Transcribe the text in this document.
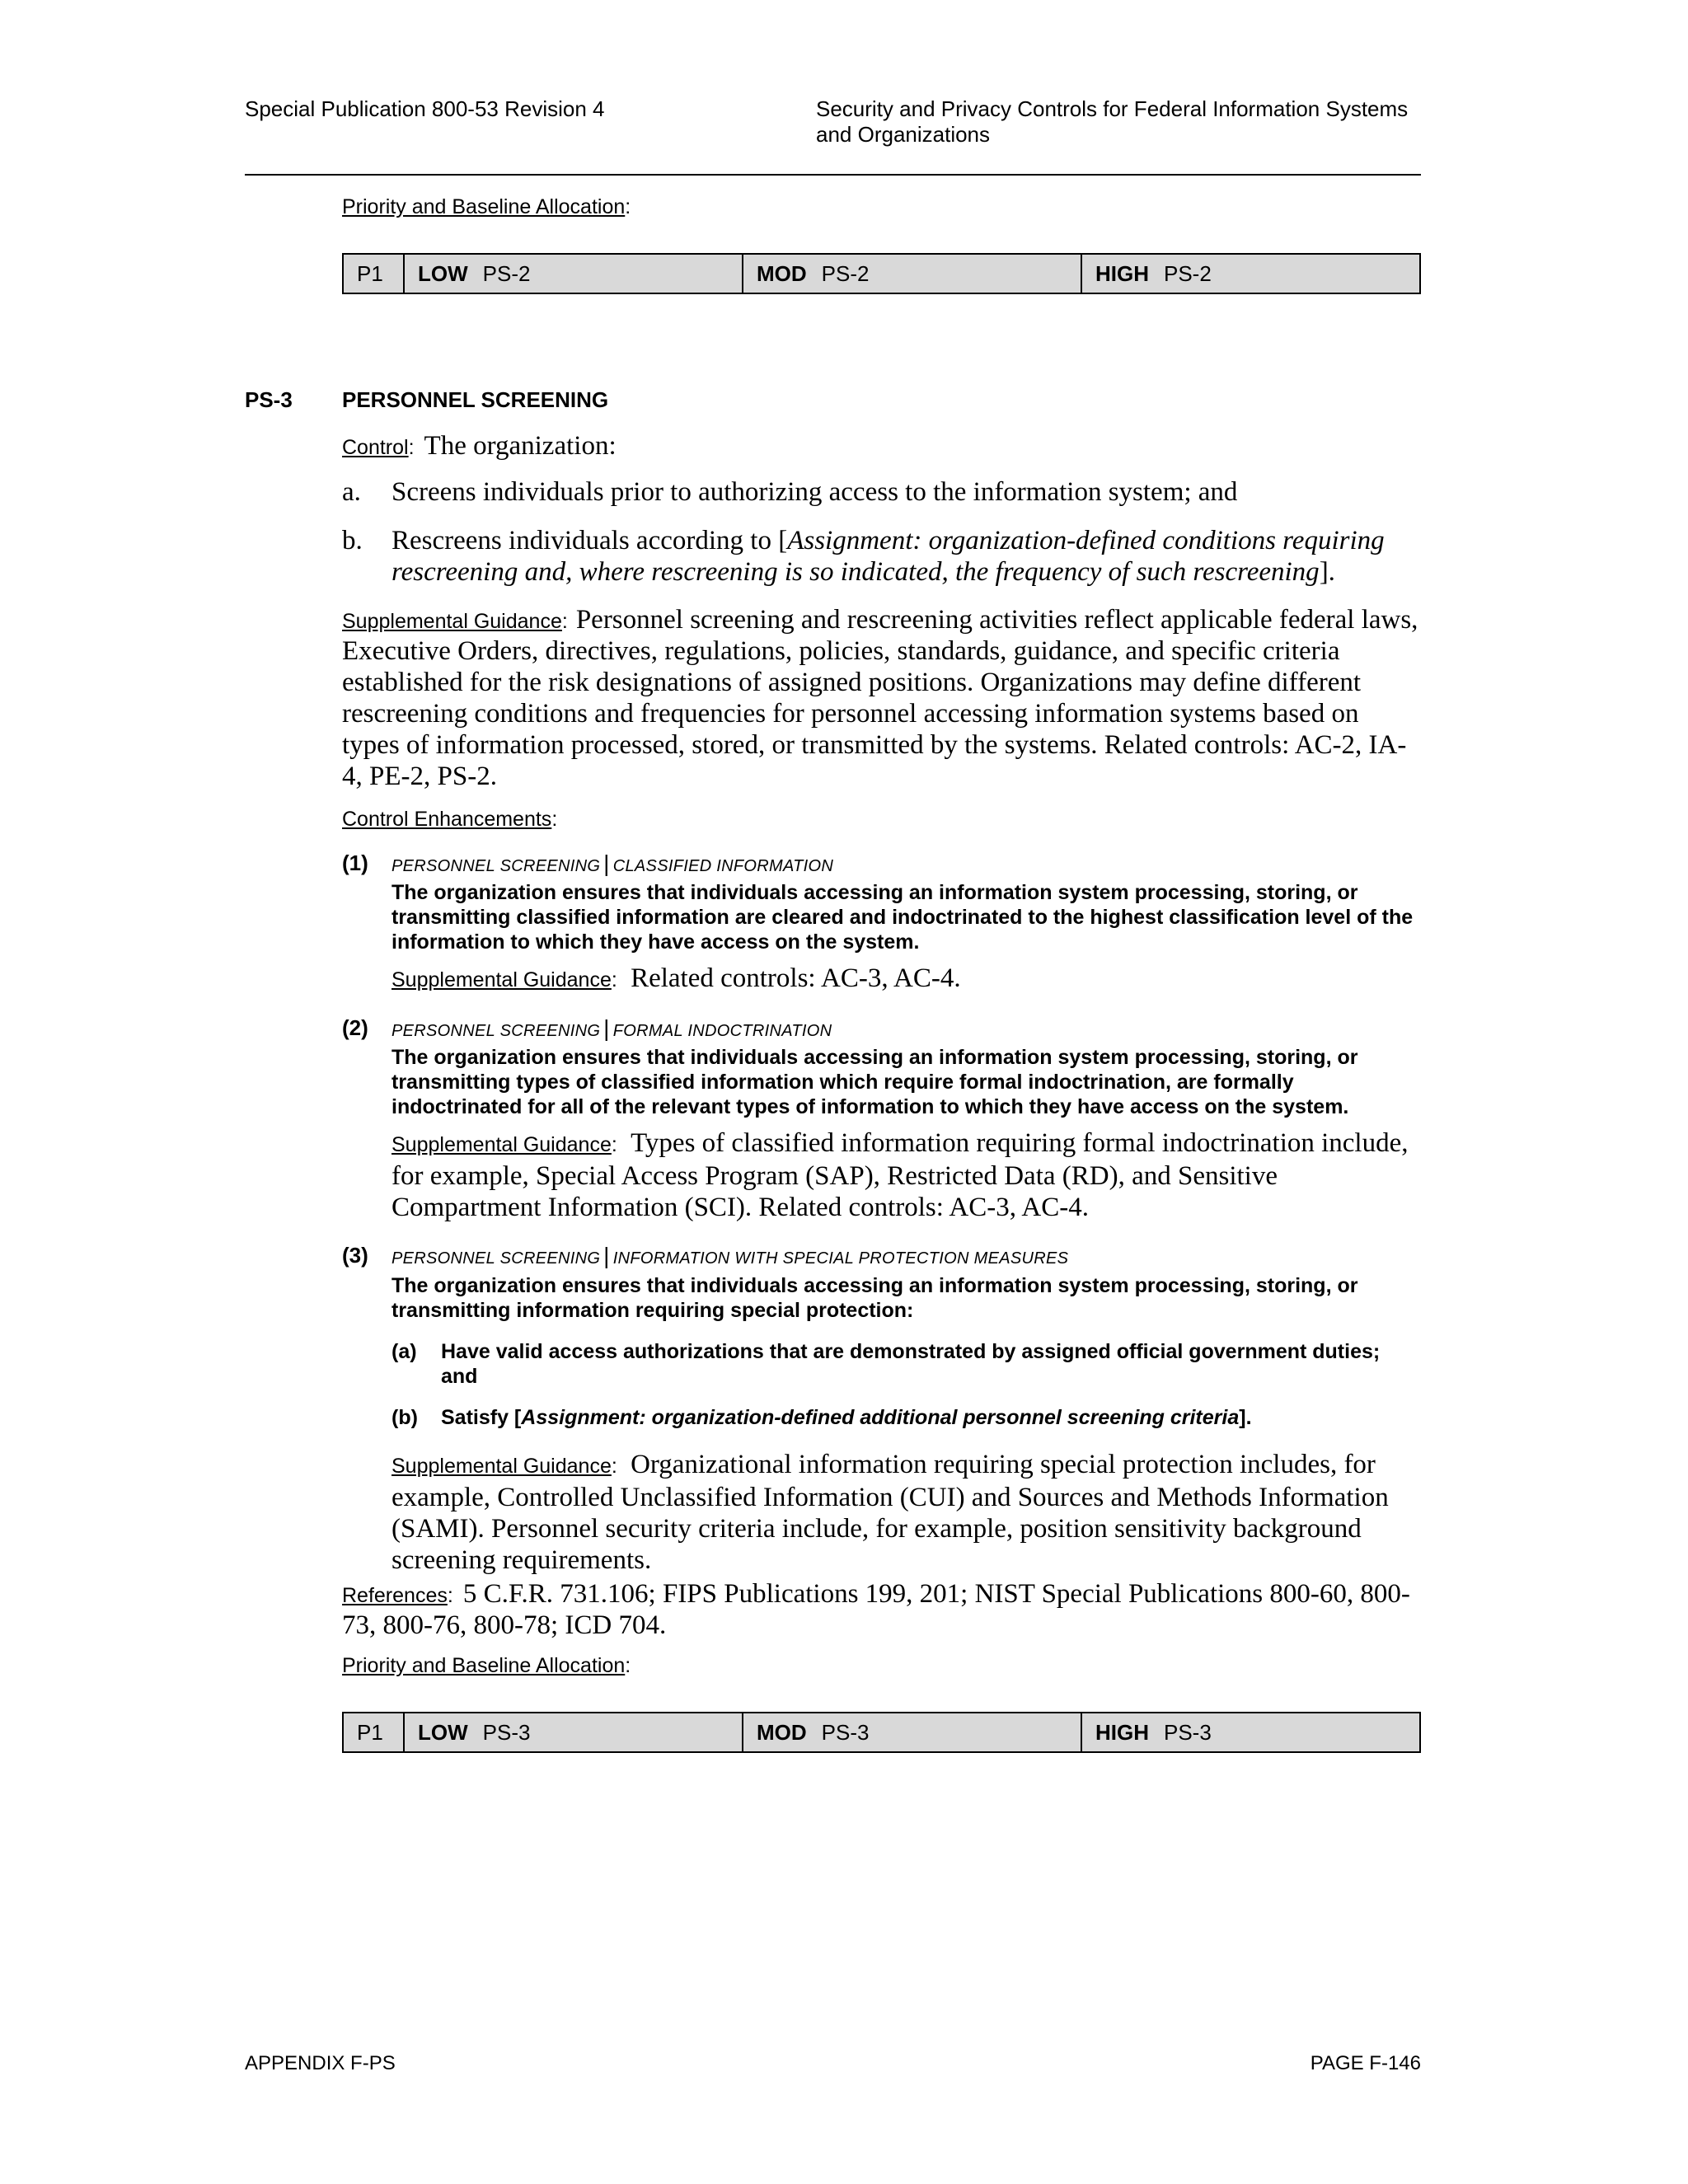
Special Publication 800-53 Revision 4	Security and Privacy Controls for Federal Information Systems and Organizations
Priority and Baseline Allocation:
P1	LOW PS-2	MOD PS-2	HIGH PS-2
PS-3 PERSONNEL SCREENING
Control: The organization:
a. Screens individuals prior to authorizing access to the information system; and
b. Rescreens individuals according to [Assignment: organization-defined conditions requiring rescreening and, where rescreening is so indicated, the frequency of such rescreening].
Supplemental Guidance: Personnel screening and rescreening activities reflect applicable federal laws, Executive Orders, directives, regulations, policies, standards, guidance, and specific criteria established for the risk designations of assigned positions. Organizations may define different rescreening conditions and frequencies for personnel accessing information systems based on types of information processed, stored, or transmitted by the systems. Related controls: AC-2, IA-4, PE-2, PS-2.
Control Enhancements:
(1) PERSONNEL SCREENING | CLASSIFIED INFORMATION
The organization ensures that individuals accessing an information system processing, storing, or transmitting classified information are cleared and indoctrinated to the highest classification level of the information to which they have access on the system.
Supplemental Guidance: Related controls: AC-3, AC-4.
(2) PERSONNEL SCREENING | FORMAL INDOCTRINATION
The organization ensures that individuals accessing an information system processing, storing, or transmitting types of classified information which require formal indoctrination, are formally indoctrinated for all of the relevant types of information to which they have access on the system.
Supplemental Guidance: Types of classified information requiring formal indoctrination include, for example, Special Access Program (SAP), Restricted Data (RD), and Sensitive Compartment Information (SCI). Related controls: AC-3, AC-4.
(3) PERSONNEL SCREENING | INFORMATION WITH SPECIAL PROTECTION MEASURES
The organization ensures that individuals accessing an information system processing, storing, or transmitting information requiring special protection:
(a) Have valid access authorizations that are demonstrated by assigned official government duties; and
(b) Satisfy [Assignment: organization-defined additional personnel screening criteria].
Supplemental Guidance: Organizational information requiring special protection includes, for example, Controlled Unclassified Information (CUI) and Sources and Methods Information (SAMI). Personnel security criteria include, for example, position sensitivity background screening requirements.
References: 5 C.F.R. 731.106; FIPS Publications 199, 201; NIST Special Publications 800-60, 800-73, 800-76, 800-78; ICD 704.
Priority and Baseline Allocation:
P1	LOW PS-3	MOD PS-3	HIGH PS-3
APPENDIX F-PS	PAGE F-146
